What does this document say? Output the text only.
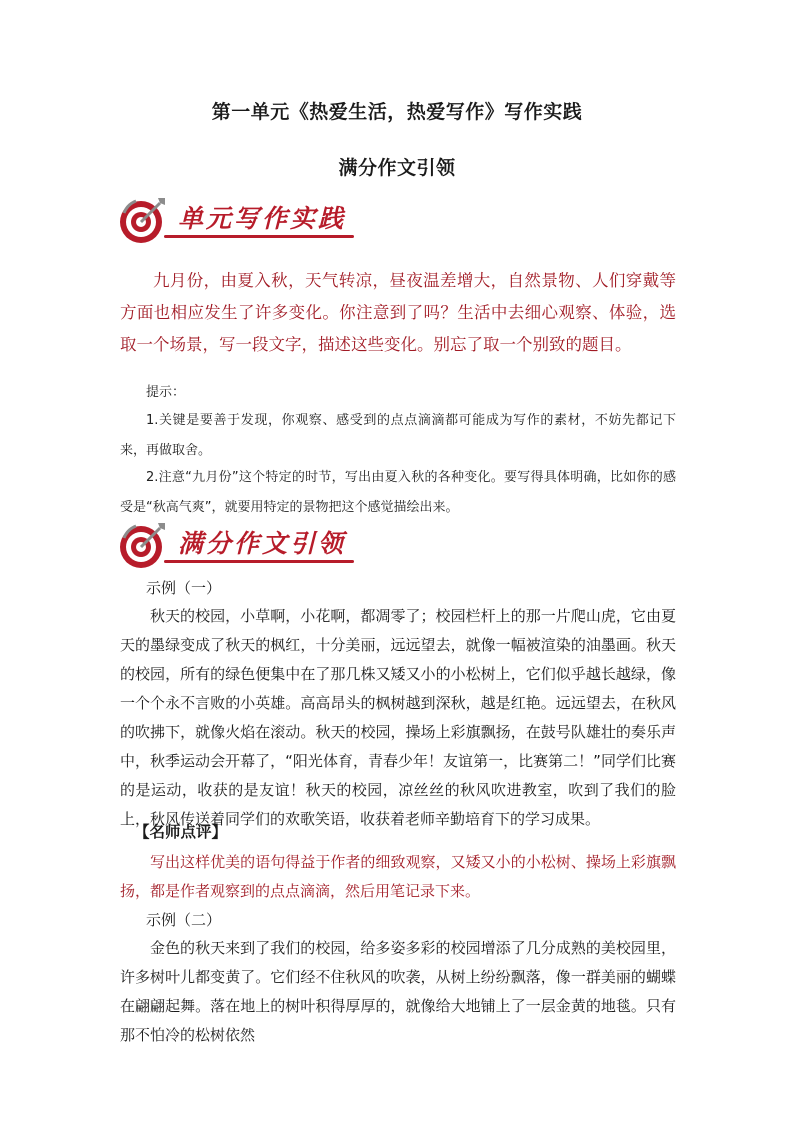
第一单元《热爱生活，热爱写作》写作实践
满分作文引领
单元写作实践
九月份，由夏入秋，天气转凉，昼夜温差增大，自然景物、人们穿戴等方面也相应发生了许多变化。你注意到了吗？生活中去细心观察、体验，选取一个场景，写一段文字，描述这些变化。别忘了取一个别致的题目。
提示：
1.关键是要善于发现，你观察、感受到的点点滴滴都可能成为写作的素材，不妨先都记下来，再做取舍。
2.注意“九月份”这个特定的时节，写出由夏入秋的各种变化。要写得具体明确，比如你的感受是“秋高气爽”，就要用特定的景物把这个感觉描绘出来。
满分作文引领
示例（一）
秋天的校园，小草啊，小花啊，都凋零了；校园栏杆上的那一片爬山虎，它由夏天的墨绿变成了秋天的枫红，十分美丽，远远望去，就像一幅被渲染的油墨画。秋天的校园，所有的绿色便集中在了那几株又矮又小的小松树上，它们似乎越长越绿，像一个个永不言败的小英雄。高高昂头的枫树越到深秋，越是红艳。远远望去，在秋风的吹拂下，就像火焰在滚动。秋天的校园，操场上彩旗飘扬，在鼓号队雄壮的奏乐声中，秋季运动会开幕了，“阳光体育，青春少年！友谊第一，比赛第二！”同学们比赛的是运动，收获的是友谊！秋天的校园，凉丝丝的秋风吹进教室，吹到了我们的脸上，秋风传送着同学们的欢歌笑语，收获着老师辛勤培育下的学习成果。
【名师点评】
写出这样优美的语句得益于作者的细致观察，又矮又小的小松树、操场上彩旗飘扬，都是作者观察到的点点滴滴，然后用笔记录下来。
示例（二）
金色的秋天来到了我们的校园，给多姿多彩的校园增添了几分成熟的美校园里，许多树叶儿都变黄了。它们经不住秋风的吹袭，从树上纷纷飘落，像一群美丽的蝴蝶在翩翩起舞。落在地上的树叶积得厚厚的，就像给大地铺上了一层金黄的地毯。只有那不怕冷的松树依然
